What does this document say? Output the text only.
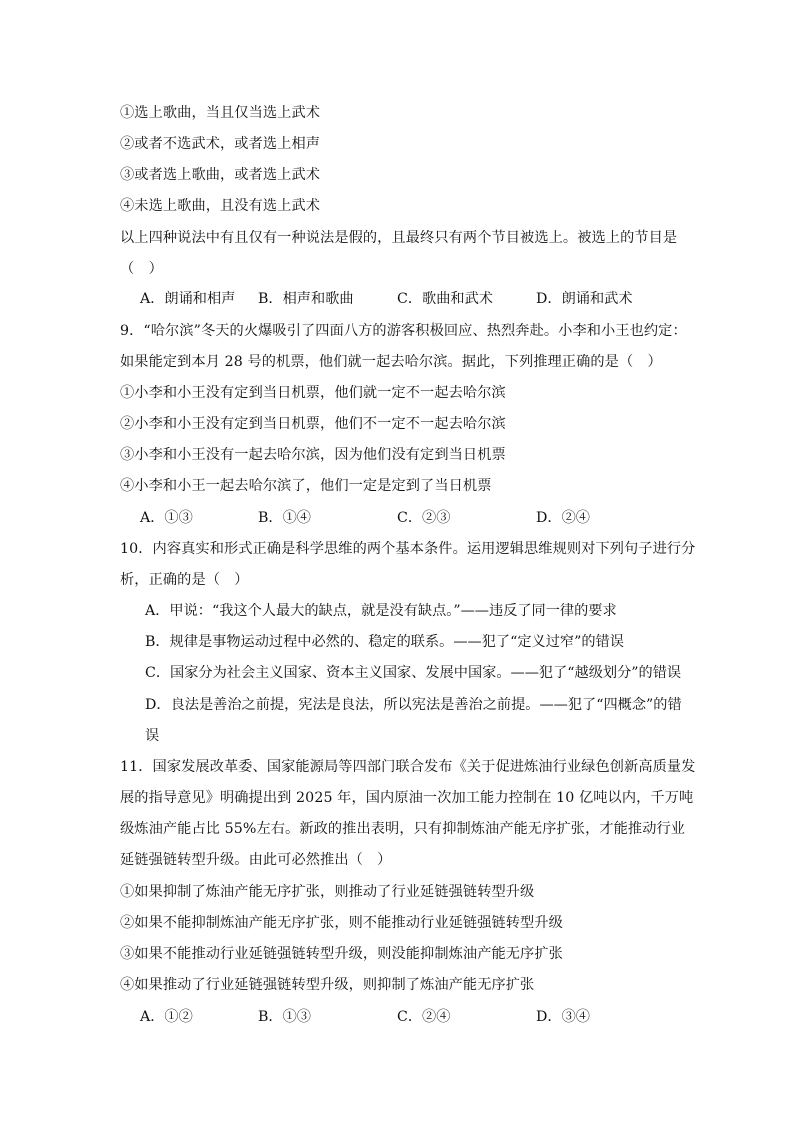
①选上歌曲，当且仅当选上武术
②或者不选武术，或者选上相声
③或者选上歌曲，或者选上武术
④未选上歌曲，且没有选上武术
以上四种说法中有且仅有一种说法是假的，且最终只有两个节目被选上。被选上的节目是
（　）
A．朗诵和相声 B．相声和歌曲	C．歌曲和武术	D．朗诵和武术
9．“哈尔滨”冬天的火爆吸引了四面八方的游客积极回应、热烈奔赴。小李和小王也约定：
如果能定到本月 28 号的机票，他们就一起去哈尔滨。据此，下列推理正确的是（　）
①小李和小王没有定到当日机票，他们就一定不一起去哈尔滨
②小李和小王没有定到当日机票，他们不一定不一起去哈尔滨
③小李和小王没有一起去哈尔滨，因为他们没有定到当日机票
④小李和小王一起去哈尔滨了，他们一定是定到了当日机票
A．①③	B．①④	C．②③	D．②④
10．内容真实和形式正确是科学思维的两个基本条件。运用逻辑思维规则对下列句子进行分
析，正确的是（　）
A．甲说：“我这个人最大的缺点，就是没有缺点。”——违反了同一律的要求
B．规律是事物运动过程中必然的、稳定的联系。——犯了“定义过窄”的错误
C．国家分为社会主义国家、资本主义国家、发展中国家。——犯了“越级划分”的错误
D．良法是善治之前提，宪法是良法，所以宪法是善治之前提。——犯了“四概念”的错
误
11．国家发展改革委、国家能源局等四部门联合发布《关于促进炼油行业绿色创新高质量发
展的指导意见》明确提出到 2025 年，国内原油一次加工能力控制在 10 亿吨以内，千万吨
级炼油产能占比 55%左右。新政的推出表明，只有抑制炼油产能无序扩张，才能推动行业
延链强链转型升级。由此可必然推出（　）
①如果抑制了炼油产能无序扩张，则推动了行业延链强链转型升级
②如果不能抑制炼油产能无序扩张，则不能推动行业延链强链转型升级
③如果不能推动行业延链强链转型升级，则没能抑制炼油产能无序扩张
④如果推动了行业延链强链转型升级，则抑制了炼油产能无序扩张
A．①②	B．①③	C．②④	D．③④
